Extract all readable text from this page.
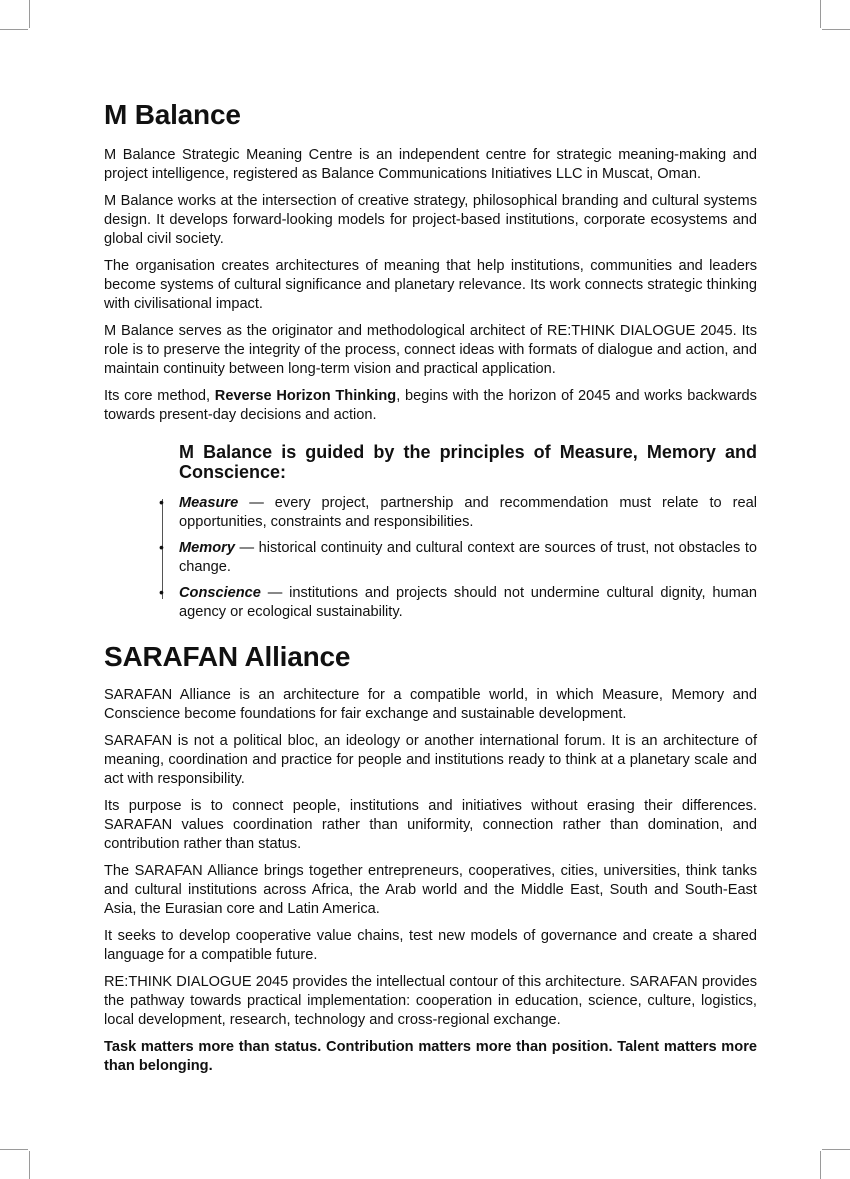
M Balance

M Balance Strategic Meaning Centre is an independent centre for strategic meaning-making and project intelligence, registered as Balance Communications Initiatives LLC in Muscat, Oman.

M Balance works at the intersection of creative strategy, philosophical branding and cultural systems design. It develops forward-looking models for project-based institutions, corporate ecosystems and global civil society.

The organisation creates architectures of meaning that help institutions, communities and leaders become systems of cultural significance and planetary relevance. Its work connects strategic thinking with civilisational impact.

M Balance serves as the originator and methodological architect of RE:THINK DIALOGUE 2045. Its role is to preserve the integrity of the process, connect ideas with formats of dialogue and action, and maintain continuity between long-term vision and practical application.

Its core method, Reverse Horizon Thinking, begins with the horizon of 2045 and works backwards towards present-day decisions and action.

M Balance is guided by the principles of Measure, Memory and Conscience:
• Measure — every project, partnership and recommendation must relate to real opportunities, constraints and responsibilities.
• Memory — historical continuity and cultural context are sources of trust, not obstacles to change.
• Conscience — institutions and projects should not undermine cultural dignity, human agency or ecological sustainability.
SARAFAN Alliance

SARAFAN Alliance is an architecture for a compatible world, in which Measure, Memory and Conscience become foundations for fair exchange and sustainable development.

SARAFAN is not a political bloc, an ideology or another international forum. It is an architecture of meaning, coordination and practice for people and institutions ready to think at a planetary scale and act with responsibility.

Its purpose is to connect people, institutions and initiatives without erasing their differences. SARAFAN values coordination rather than uniformity, connection rather than domination, and contribution rather than status.

The SARAFAN Alliance brings together entrepreneurs, cooperatives, cities, universities, think tanks and cultural institutions across Africa, the Arab world and the Middle East, South and South-East Asia, the Eurasian core and Latin America.

It seeks to develop cooperative value chains, test new models of governance and create a shared language for a compatible future.

RE:THINK DIALOGUE 2045 provides the intellectual contour of this architecture. SARAFAN provides the pathway towards practical implementation: cooperation in education, science, culture, logistics, local development, research, technology and cross-regional exchange.

Task matters more than status. Contribution matters more than position. Talent matters more than belonging.
